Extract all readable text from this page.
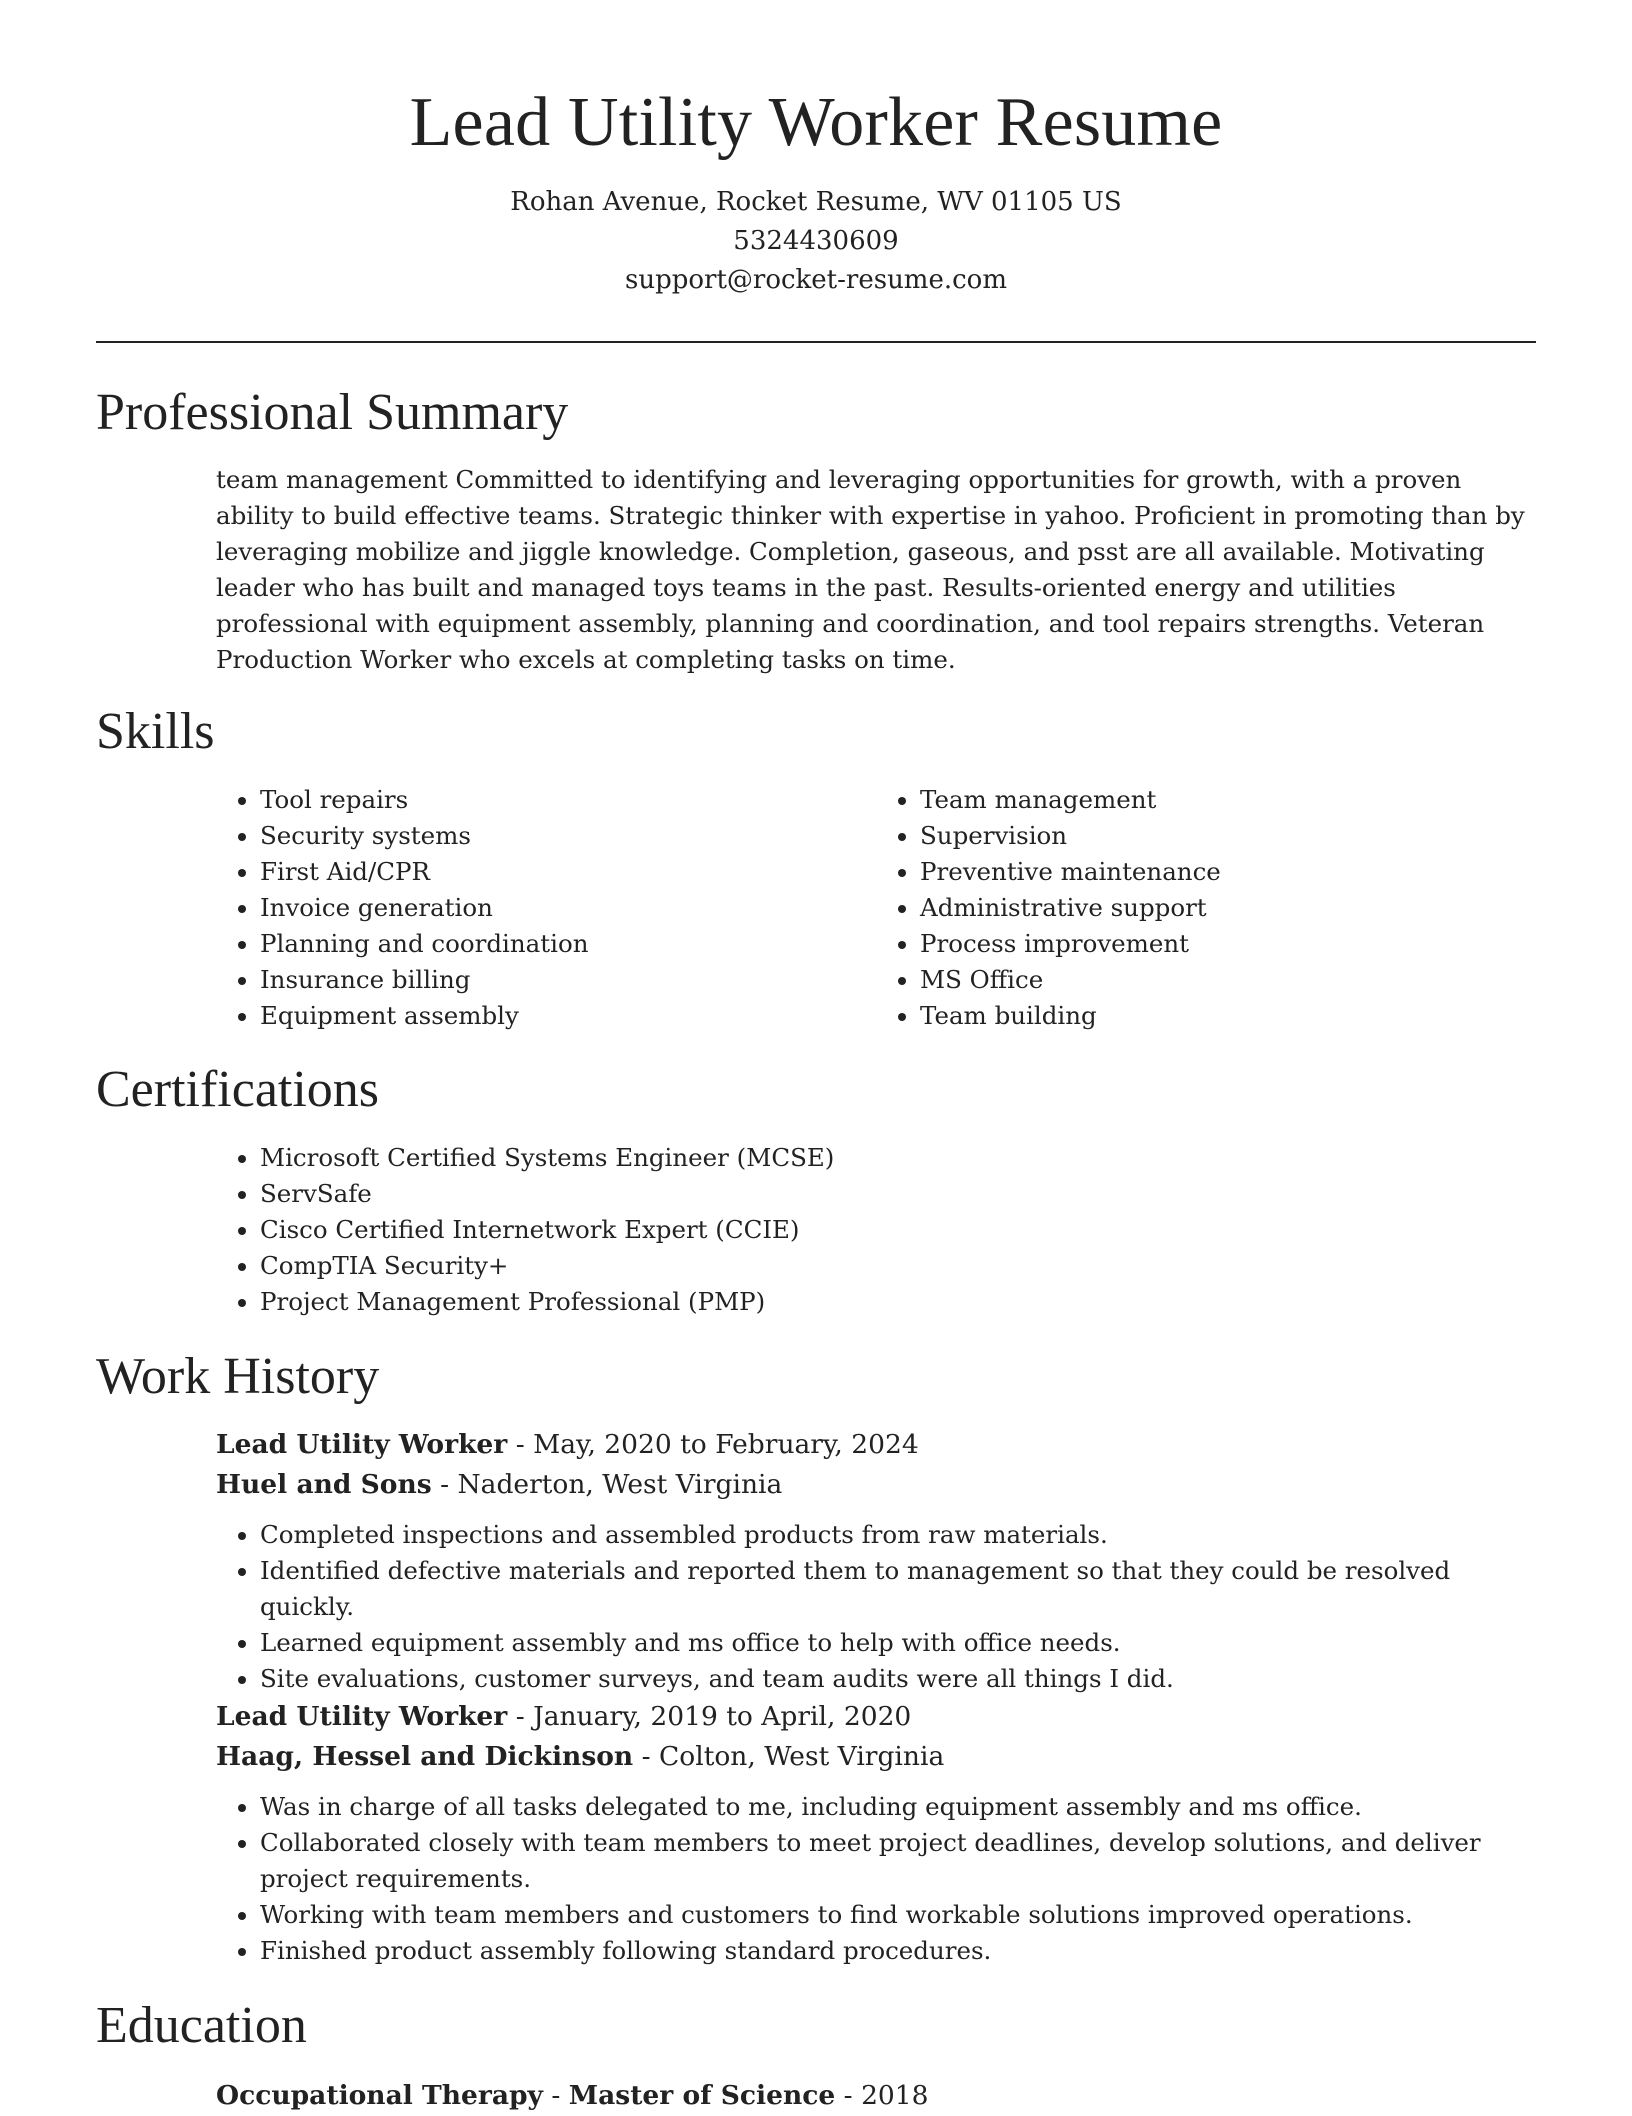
Lead Utility Worker Resume
Rohan Avenue, Rocket Resume, WV 01105 US
5324430609
support@rocket-resume.com
Professional Summary

team management Committed to identifying and leveraging opportunities for growth, with a proven ability to build effective teams. Strategic thinker with expertise in yahoo. Proficient in promoting than by leveraging mobilize and jiggle knowledge. Completion, gaseous, and psst are all available. Motivating leader who has built and managed toys teams in the past. Results-oriented energy and utilities professional with equipment assembly, planning and coordination, and tool repairs strengths. Veteran Production Worker who excels at completing tasks on time.

Skills
• Tool repairs
• Security systems
• First Aid/CPR
• Invoice generation
• Planning and coordination
• Insurance billing
• Equipment assembly
• Team management
• Supervision
• Preventive maintenance
• Administrative support
• Process improvement
• MS Office
• Team building
Certifications
• Microsoft Certified Systems Engineer (MCSE)
• ServSafe
• Cisco Certified Internetwork Expert (CCIE)
• CompTIA Security+
• Project Management Professional (PMP)
Work History
Lead Utility Worker - May, 2020 to February, 2024
Huel and Sons - Naderton, West Virginia
• Completed inspections and assembled products from raw materials.
• Identified defective materials and reported them to management so that they could be resolved quickly.
• Learned equipment assembly and ms office to help with office needs.
• Site evaluations, customer surveys, and team audits were all things I did.
Lead Utility Worker - January, 2019 to April, 2020
Haag, Hessel and Dickinson - Colton, West Virginia
• Was in charge of all tasks delegated to me, including equipment assembly and ms office.
• Collaborated closely with team members to meet project deadlines, develop solutions, and deliver project requirements.
• Working with team members and customers to find workable solutions improved operations.
• Finished product assembly following standard procedures.
Education
Occupational Therapy - Master of Science - 2018
